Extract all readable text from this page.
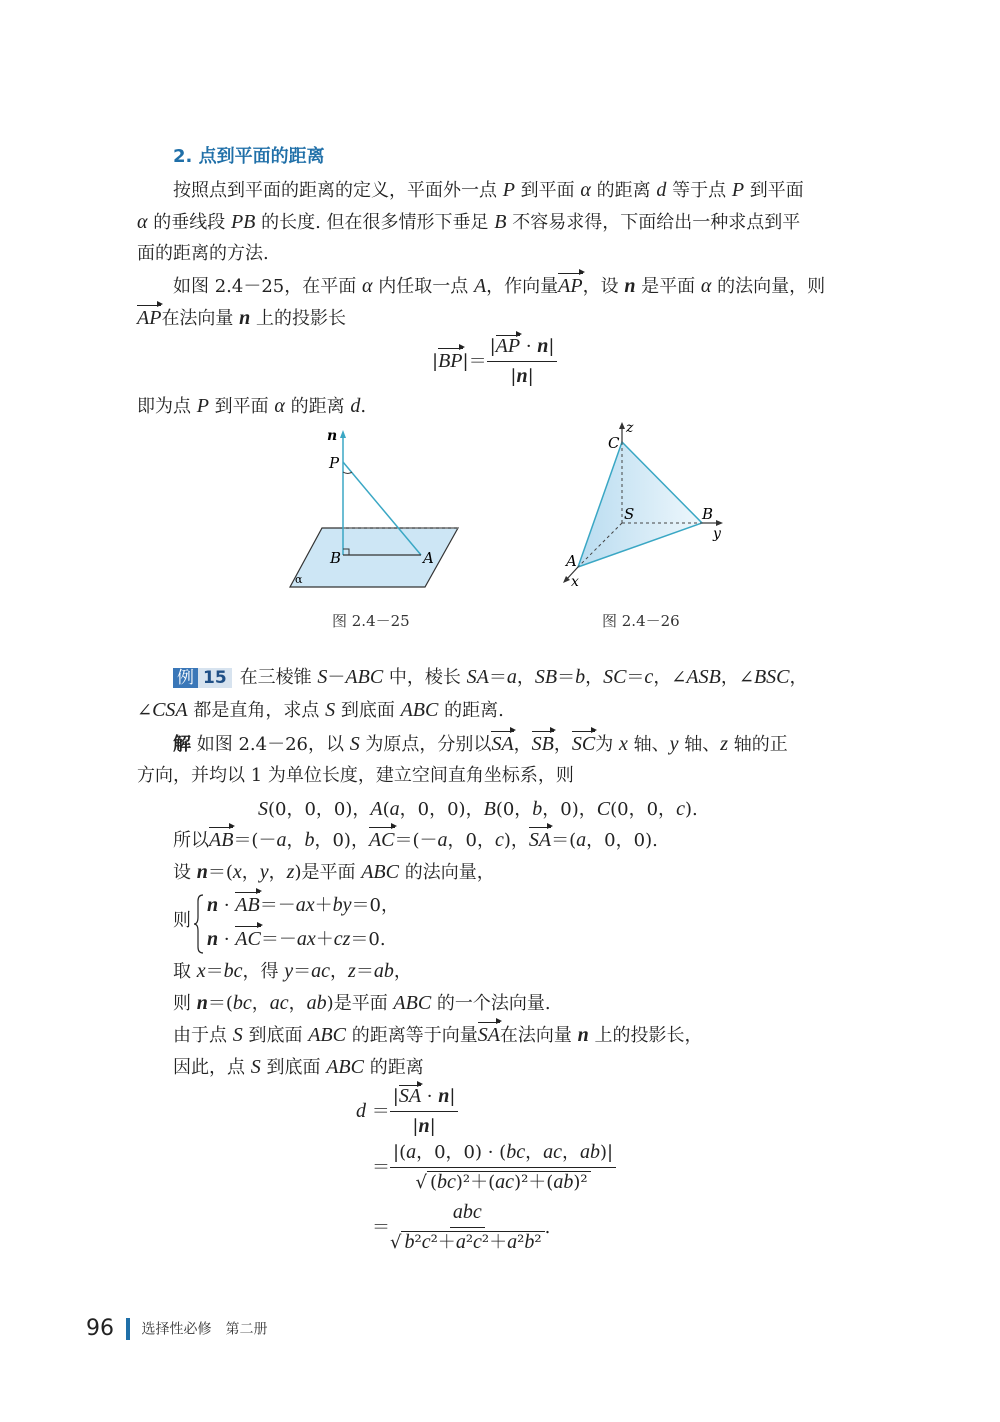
2. 点到平面的距离
按照点到平面的距离的定义，平面外一点 P 到平面 α 的距离 d 等于点 P 到平面
α 的垂线段 PB 的长度. 但在很多情形下垂足 B 不容易求得，下面给出一种求点到平
面的距离的方法.
如图 2.4－25，在平面 α 内任取一点 A，作向量AP，设 n 是平面 α 的法向量，则
AP在法向量 n 上的投影长
$|BP|= \frac{|AP \cdot n|}{|n|}$
即为点 P 到平面 α 的距离 d.
n
P
B	A
α
z
C
S	B
y
A
x
图 2.4－25	图 2.4－26
例 15 在三棱锥 S－ABC 中，棱长 SA＝a，SB＝b，SC＝c，∠ASB，∠BSC，
∠CSA 都是直角，求点 S 到底面 ABC 的距离.
解 如图 2.4－26，以 S 为原点，分别以SA，SB，SC为 x 轴、y 轴、z 轴的正
方向，并均以 1 为单位长度，建立空间直角坐标系，则
S(0，0，0)，A(a，0，0)，B(0，b，0)，C(0，0，c).
所以AB＝(－a，b，0)，AC＝(－a，0，c)，SA＝(a，0，0).
设 n＝(x，y，z)是平面 ABC 的法向量，
则
n · AB＝－ax＋by＝0，
n · AC＝－ax＋cz＝0.
取 x＝bc，得 y＝ac，z＝ab，
则 n＝(bc，ac，ab)是平面 ABC 的一个法向量.
由于点 S 到底面 ABC 的距离等于向量SA在法向量 n 上的投影长，
因此，点 S 到底面 ABC 的距离
$d = \frac{|SA \cdot n|}{|n|}$
＝ $\frac{|(a,0,0) \cdot (bc,ac,ab)|}{\text{√ (bc)²＋(ac)²＋(ab)²}}$
＝ $\frac{\text{abc}}{\text{√ b²c²＋a²c²＋a²b²}}$ .
96 选择性必修　第二册
